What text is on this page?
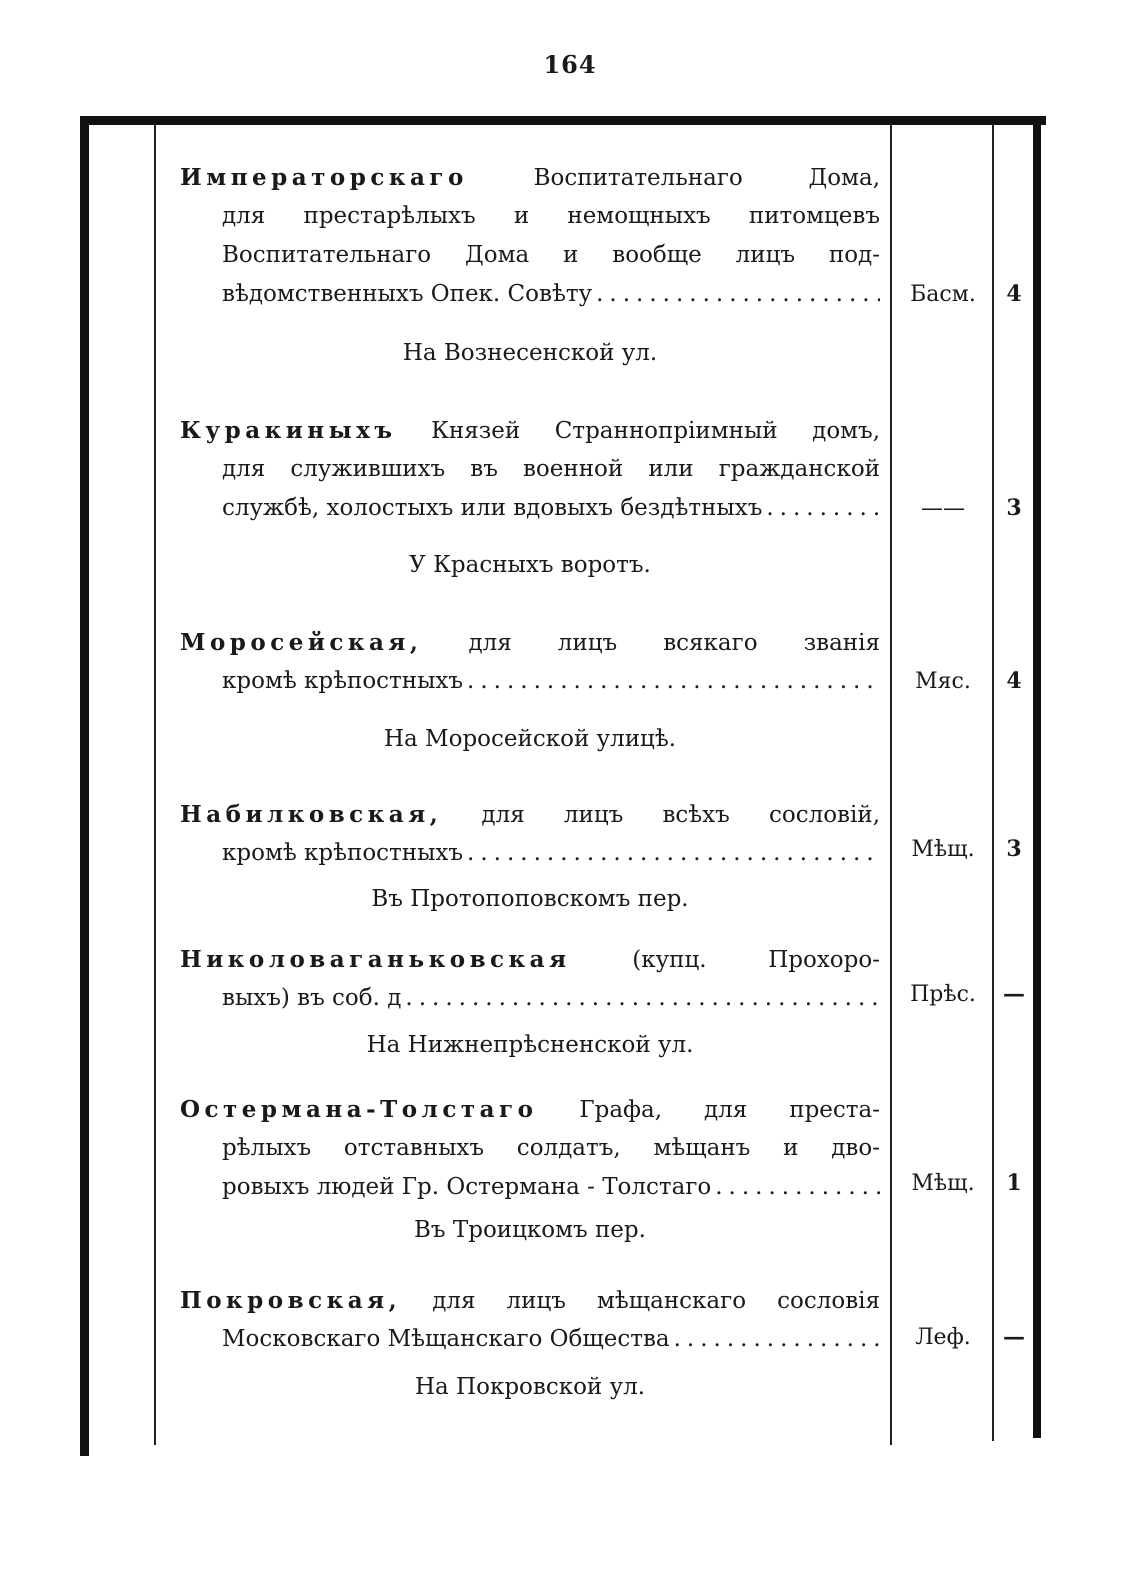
164
Императорскаго	Воспитательнаго Дома,
для престарѣлыхъ и немощныхъ питомцевъ
Воспитательнаго Дома и вообще лицъ под-
вѣдомственныхъ Опек. Совѣту .....	Басм.	4
На Вознесенской ул.
Куракиныхъ Князей Страннопріимный домъ,
для служившихъ въ военной или гражданской
службѣ, холостыхъ или вдовыхъ бездѣтныхъ .....	——	3
У Красныхъ воротъ.
Моросейская, для лицъ всякаго званія
кромѣ крѣпостныхъ .....	Мяс.	4
На Моросейской улицѣ.
Набилковская, для лицъ всѣхъ сословій,
кромѣ крѣпостныхъ .....	Мѣщ.	3
Въ Протопоповскомъ пер.
Николоваганьковская	(купц. Прохоро-
выхъ) въ соб. д .....	Прѣс.	—
На Нижнепрѣсненской ул.
Остермана-Толстаго Графа, для преста-
рѣлыхъ отставныхъ солдатъ, мѣщанъ и дво-
ровыхъ людей Гр. Остермана - Толстаго .....	Мѣщ.	1
Въ Троицкомъ пер.
Покровская, для лицъ мѣщанскаго сословія
Московскаго Мѣщанскаго Общества .....	Леф.	—
На Покровской ул.
